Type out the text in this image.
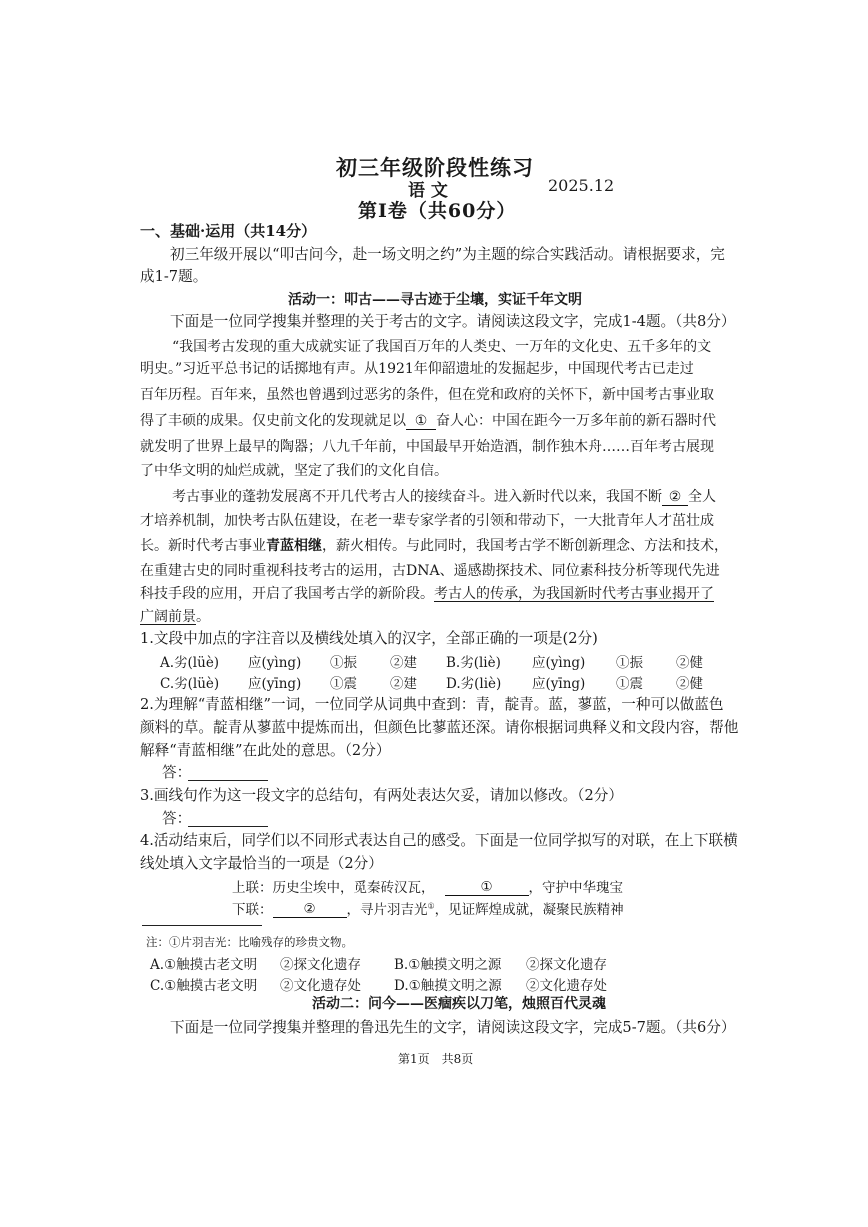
初三年级阶段性练习
语 文	2025.12
第Ⅰ卷（共60分）
一、基础·运用（共14分）
初三年级开展以“叩古问今，赴一场文明之约”为主题的综合实践活动。请根据要求，完
成1-7题。
活动一：叩古——寻古迹于尘壤，实证千年文明
下面是一位同学搜集并整理的关于考古的文字。请阅读这段文字，完成1-4题。（共8分）
“我国考古发现的重大成就实证了我国百万年的人类史、一万年的文化史、五千多年的文
明史。”习近平总书记的话掷地有声。从1921年仰韶遗址的发掘起步，中国现代考古已走过
百年历程。百年来，虽然也曾遇到过恶劣的条件，但在党和政府的关怀下，新中国考古事业取
得了丰硕的成果。仅史前文化的发现就足以 ① 奋人心：中国在距今一万多年前的新石器时代
就发明了世界上最早的陶器；八九千年前，中国最早开始造酒，制作独木舟……百年考古展现
了中华文明的灿烂成就，坚定了我们的文化自信。
考古事业的蓬勃发展离不开几代考古人的接续奋斗。进入新时代以来，我国不断 ② 全人
才培养机制，加快考古队伍建设，在老一辈专家学者的引领和带动下，一大批青年人才茁壮成
长。新时代考古事业青蓝相继，薪火相传。与此同时，我国考古学不断创新理念、方法和技术，
在重建古史的同时重视科技考古的运用，古DNA、遥感勘探技术、同位素科技分析等现代先进
科技手段的应用，开启了我国考古学的新阶段。考古人的传承，为我国新时代考古事业揭开了
广阔前景。
1.文段中加点的字注音以及横线处填入的汉字，全部正确的一项是(2分)
A.劣(lüè) 应(yìng) ①振 ②建 B.劣(liè) 应(yìng) ①振 ②健
C.劣(lüè) 应(yīng) ①震 ②建 D.劣(liè) 应(yīng) ①震 ②健
2.为理解“青蓝相继”一词，一位同学从词典中查到：青，靛青。蓝，蓼蓝，一种可以做蓝色
颜料的草。靛青从蓼蓝中提炼而出，但颜色比蓼蓝还深。请你根据词典释义和文段内容，帮他
解释“青蓝相继”在此处的意思。（2分）
答：
3.画线句作为这一段文字的总结句，有两处表达欠妥，请加以修改。（2分）
答：
4.活动结束后，同学们以不同形式表达自己的感受。下面是一位同学拟写的对联，在上下联横
线处填入文字最恰当的一项是（2分）
上联：历史尘埃中，觅秦砖汉瓦，	①	，守护中华瑰宝
下联： ② ，寻片羽吉光①，见证辉煌成就，凝聚民族精神
注：①片羽吉光：比喻残存的珍贵文物。
A.①触摸古老文明 ②探文化遗存 B.①触摸文明之源 ②探文化遗存
C.①触摸古老文明 ②文化遗存处 D.①触摸文明之源 ②文化遗存处
活动二：问今——医痼疾以刀笔，烛照百代灵魂
下面是一位同学搜集并整理的鲁迅先生的文字，请阅读这段文字，完成5-7题。（共6分）
第1页　共8页
